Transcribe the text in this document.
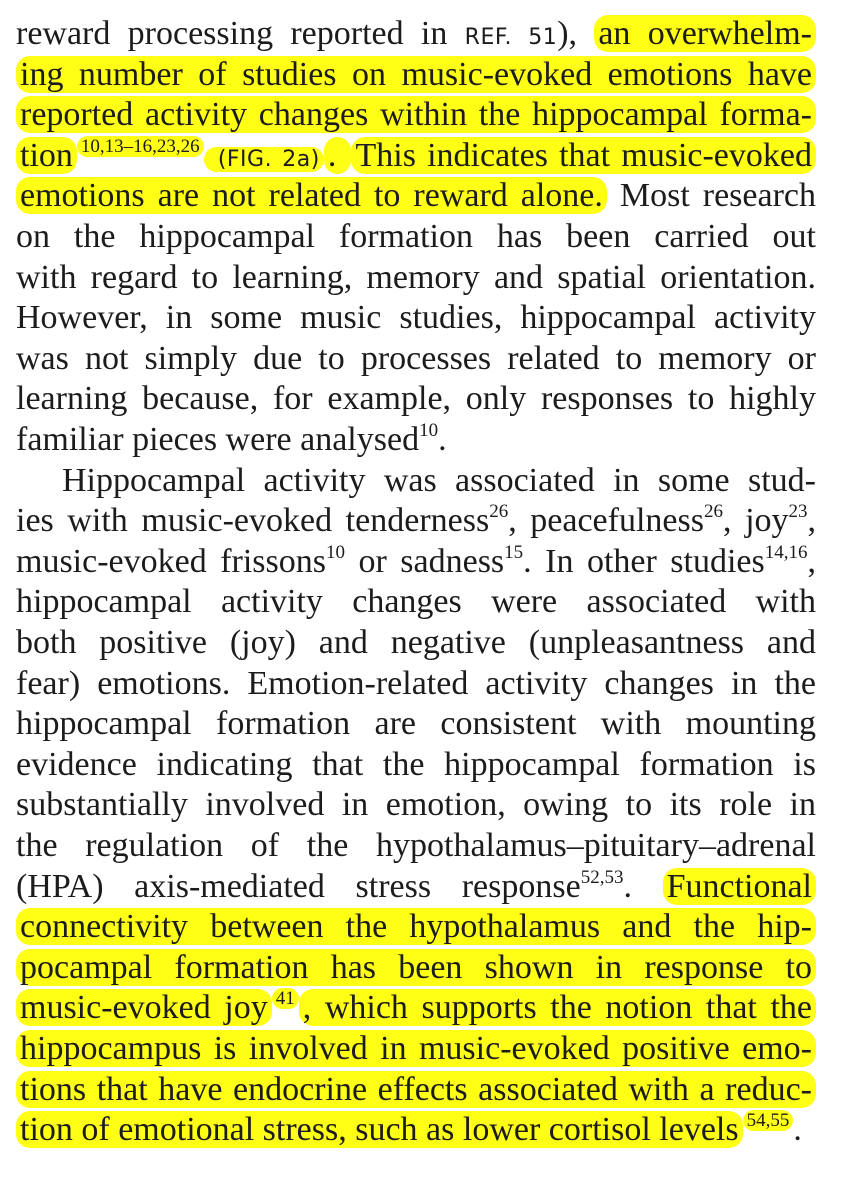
reward processing reported in REF. 51), an overwhelm-
ing number of studies on music-evoked emotions have
reported activity changes within the hippocampal forma-
tion $^{10,13-16,23,26}$ (FIG. 2a) . This indicates that music-evoked
emotions are not related to reward alone. Most research
on the hippocampal formation has been carried out
with regard to learning, memory and spatial orientation.
However, in some music studies, hippocampal activity
was not simply due to processes related to memory or
learning because, for example, only responses to highly
familiar pieces were analysed$^{10}$.
Hippocampal activity was associated in some stud-
ies with music-evoked tenderness$^{26}$, peacefulness$^{26}$, joy$^{23}$,
music-evoked frissons$^{10}$ or sadness$^{15}$. In other studies$^{14,16}$,
hippocampal activity changes were associated with
both positive (joy) and negative (unpleasantness and
fear) emotions. Emotion-related activity changes in the
hippocampal formation are consistent with mounting
evidence indicating that the hippocampal formation is
substantially involved in emotion, owing to its role in
the regulation of the hypothalamus–pituitary–adrenal
(HPA) axis-mediated stress response$^{52,53}$. Functional
connectivity between the hypothalamus and the hip-
pocampal formation has been shown in response to
music-evoked joy $^{41}$ , which supports the notion that the
hippocampus is involved in music-evoked positive emo-
tions that have endocrine effects associated with a reduc-
tion of emotional stress, such as lower cortisol levels $^{54,55}$ .
